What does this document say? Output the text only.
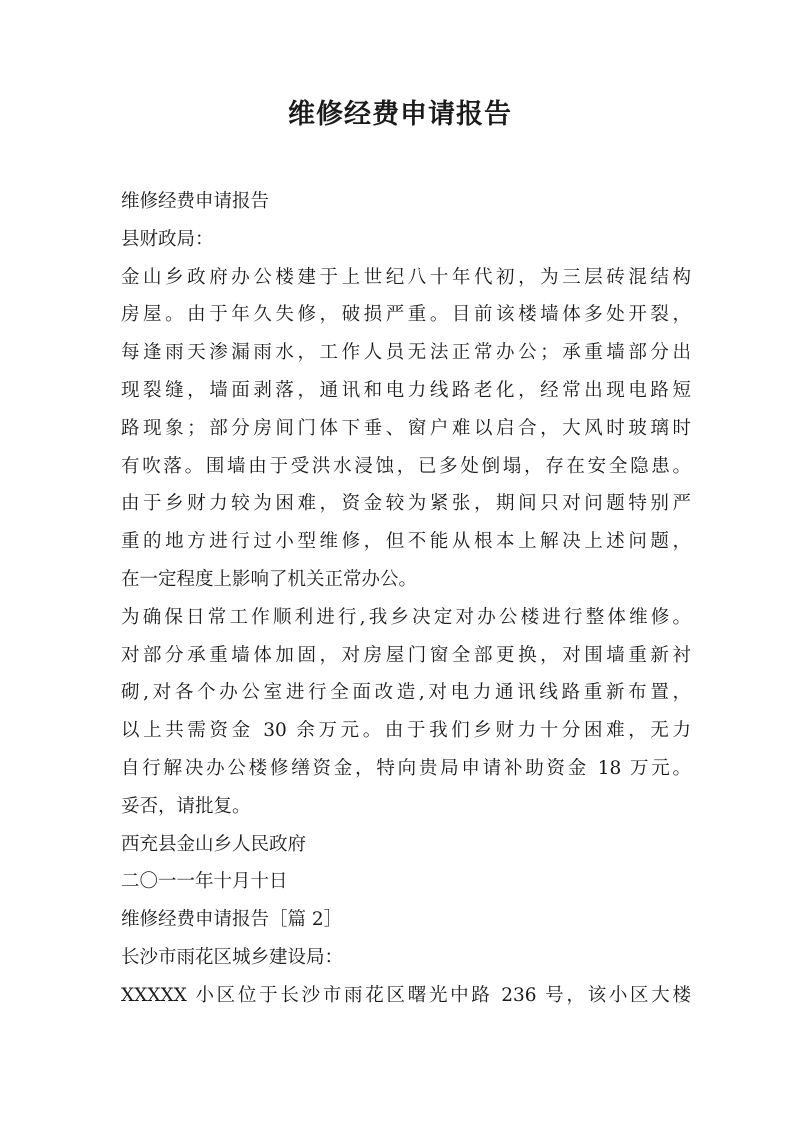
维修经费申请报告
维修经费申请报告
县财政局：
金山乡政府办公楼建于上世纪八十年代初，为三层砖混结构
房屋。由于年久失修，破损严重。目前该楼墙体多处开裂，
每逢雨天渗漏雨水，工作人员无法正常办公；承重墙部分出
现裂缝，墙面剥落，通讯和电力线路老化，经常出现电路短
路现象；部分房间门体下垂、窗户难以启合，大风时玻璃时
有吹落。围墙由于受洪水浸蚀，已多处倒塌，存在安全隐患。
由于乡财力较为困难，资金较为紧张，期间只对问题特别严
重的地方进行过小型维修，但不能从根本上解决上述问题，
在一定程度上影响了机关正常办公。
为确保日常工作顺利进行,我乡决定对办公楼进行整体维修。
对部分承重墙体加固，对房屋门窗全部更换，对围墙重新衬
砌,对各个办公室进行全面改造,对电力通讯线路重新布置，
以上共需资金 30 余万元。由于我们乡财力十分困难，无力
自行解决办公楼修缮资金，特向贵局申请补助资金 18 万元。
妥否，请批复。
西充县金山乡人民政府
二〇一一年十月十日
维修经费申请报告［篇 2］
长沙市雨花区城乡建设局：
XXXXX 小区位于长沙市雨花区曙光中路 236 号，该小区大楼
